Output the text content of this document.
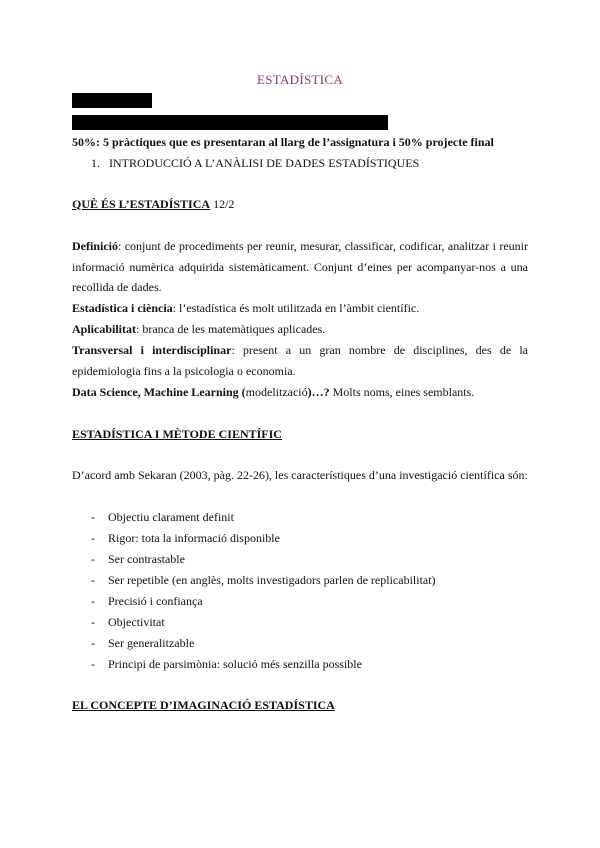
ESTADÍSTICA
50%: 5 pràctiques que es presentaran al llarg de l’assignatura i 50% projecte final
1. INTRODUCCIÓ A L’ANÀLISI DE DADES ESTADÍSTIQUES
QUÈ ÉS L’ESTADÍSTICA 12/2

Definició: conjunt de procediments per reunir, mesurar, classificar, codificar, analitzar i reunir informació numèrica adquirida sistemàticament. Conjunt d’eines per acompanyar-nos a una recollida de dades.

Estadística i ciència: l’estadística és molt utilitzada en l’àmbit científic.

Aplicabilitat: branca de les matemàtiques aplicades.

Transversal i interdisciplinar: present a un gran nombre de disciplines, des de la epidemiologia fins a la psicologia o economia.

Data Science, Machine Learning (modelització)…? Molts noms, eines semblants.

ESTADÍSTICA I MÈTODE CIENTÍFIC

D’acord amb Sekaran (2003, pàg. 22-26), les característiques d’una investigació científica són:

- Objectiu clarament definit
- Rigor: tota la informació disponible
- Ser contrastable
- Ser repetible (en anglès, molts investigadors parlen de replicabilitat)
- Precisió i confiança
- Objectivitat
- Ser generalitzable
- Principi de parsimònia: solució més senzilla possible
EL CONCEPTE D’IMAGINACIÓ ESTADÍSTICA
